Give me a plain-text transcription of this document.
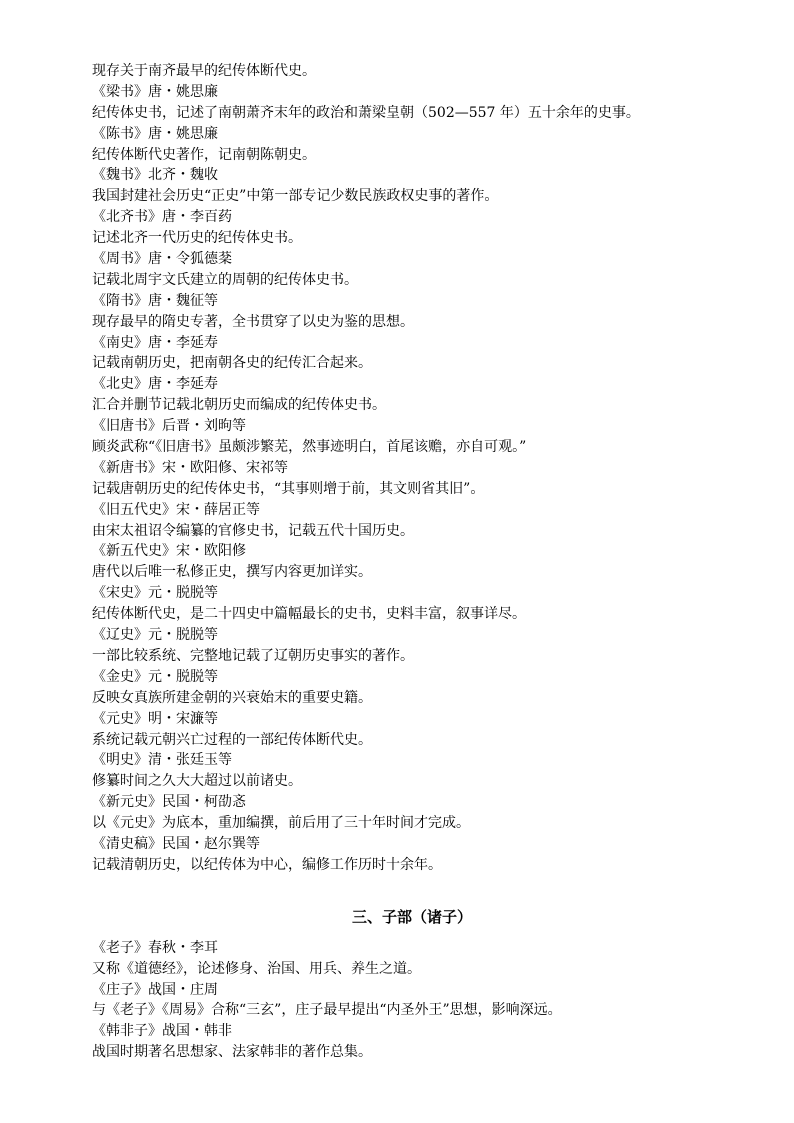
现存关于南齐最早的纪传体断代史。
《梁书》唐・姚思廉
纪传体史书，记述了南朝萧齐末年的政治和萧梁皇朝（502—557 年）五十余年的史事。
《陈书》唐・姚思廉
纪传体断代史著作，记南朝陈朝史。
《魏书》北齐・魏收
我国封建社会历史“正史”中第一部专记少数民族政权史事的著作。
《北齐书》唐・李百药
记述北齐一代历史的纪传体史书。
《周书》唐・令狐德棻
记载北周宇文氏建立的周朝的纪传体史书。
《隋书》唐・魏征等
现存最早的隋史专著，全书贯穿了以史为鉴的思想。
《南史》唐・李延寿
记载南朝历史，把南朝各史的纪传汇合起来。
《北史》唐・李延寿
汇合并删节记载北朝历史而编成的纪传体史书。
《旧唐书》后晋・刘昫等
顾炎武称“《旧唐书》虽颇涉繁芜，然事迹明白，首尾该赡，亦自可观。”
《新唐书》宋・欧阳修、宋祁等
记载唐朝历史的纪传体史书，“其事则增于前，其文则省其旧”。
《旧五代史》宋・薛居正等
由宋太祖诏令编纂的官修史书，记载五代十国历史。
《新五代史》宋・欧阳修
唐代以后唯一私修正史，撰写内容更加详实。
《宋史》元・脱脱等
纪传体断代史，是二十四史中篇幅最长的史书，史料丰富，叙事详尽。
《辽史》元・脱脱等
一部比较系统、完整地记载了辽朝历史事实的著作。
《金史》元・脱脱等
反映女真族所建金朝的兴衰始末的重要史籍。
《元史》明・宋濂等
系统记载元朝兴亡过程的一部纪传体断代史。
《明史》清・张廷玉等
修纂时间之久大大超过以前诸史。
《新元史》民国・柯劭忞
以《元史》为底本，重加编撰，前后用了三十年时间才完成。
《清史稿》民国・赵尔巽等
记载清朝历史，以纪传体为中心，编修工作历时十余年。
三、子部（诸子）
《老子》春秋・李耳
又称《道德经》，论述修身、治国、用兵、养生之道。
《庄子》战国・庄周
与《老子》《周易》合称“三玄”，庄子最早提出“内圣外王”思想，影响深远。
《韩非子》战国・韩非
战国时期著名思想家、法家韩非的著作总集。
